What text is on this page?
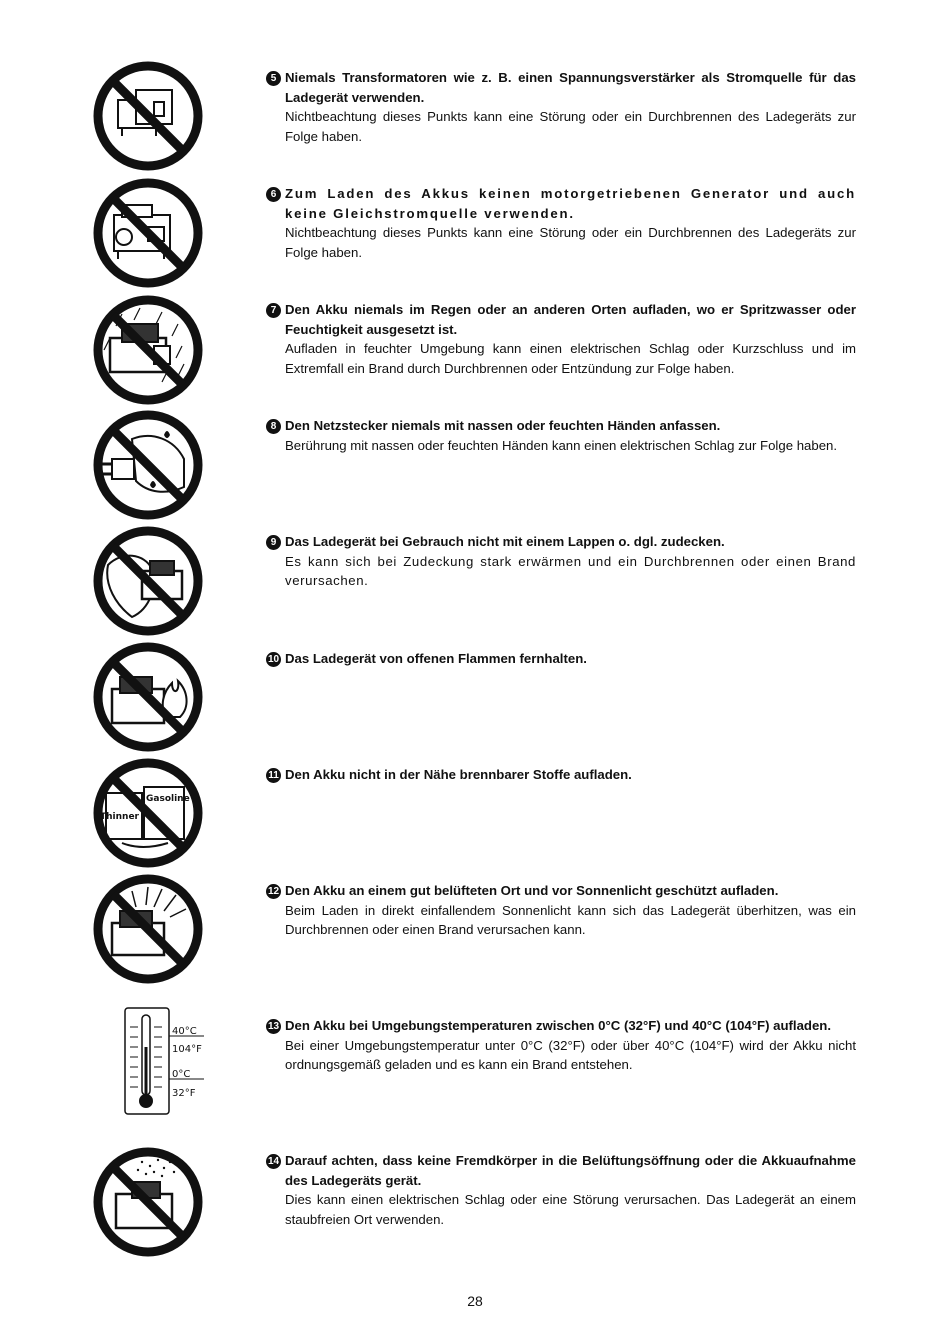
Thinner
Gasoline
40°C
104°F
0°C
32°F
5 Niemals Transformatoren wie z. B. einen Spannungsverstärker als Stromquelle für das Ladegerät verwenden.
Nichtbeachtung dieses Punkts kann eine Störung oder ein Durchbrennen des Ladegeräts zur Folge haben.
6 Zum Laden des Akkus keinen motorgetriebenen Generator und auch keine Gleichstromquelle verwenden.
Nichtbeachtung dieses Punkts kann eine Störung oder ein Durchbrennen des Ladegeräts zur Folge haben.
7 Den Akku niemals im Regen oder an anderen Orten aufladen, wo er Spritzwasser oder Feuchtigkeit ausgesetzt ist.
Aufladen in feuchter Umgebung kann einen elektrischen Schlag oder Kurzschluss und im Extremfall ein Brand durch Durchbrennen oder Entzündung zur Folge haben.
8 Den Netzstecker niemals mit nassen oder feuchten Händen anfassen.
Berührung mit nassen oder feuchten Händen kann einen elektrischen Schlag zur Folge haben.
9 Das Ladegerät bei Gebrauch nicht mit einem Lappen o. dgl. zudecken.
Es kann sich bei Zudeckung stark erwärmen und ein Durchbrennen oder einen Brand verursachen.
10 Das Ladegerät von offenen Flammen fernhalten.
11 Den Akku nicht in der Nähe brennbarer Stoffe aufladen.
12 Den Akku an einem gut belüfteten Ort und vor Sonnenlicht geschützt aufladen.
Beim Laden in direkt einfallendem Sonnenlicht kann sich das Ladegerät überhitzen, was ein Durchbrennen oder einen Brand verursachen kann.
13 Den Akku bei Umgebungstemperaturen zwischen 0°C (32°F) und 40°C (104°F) aufladen.
Bei einer Umgebungstemperatur unter 0°C (32°F) oder über 40°C (104°F) wird der Akku nicht ordnungsgemäß geladen und es kann ein Brand entstehen.
14 Darauf achten, dass keine Fremdkörper in die Belüftungsöffnung oder die Akkuaufnahme des Ladegeräts gerät.
Dies kann einen elektrischen Schlag oder eine Störung verursachen. Das Ladegerät an einem staubfreien Ort verwenden.
28
